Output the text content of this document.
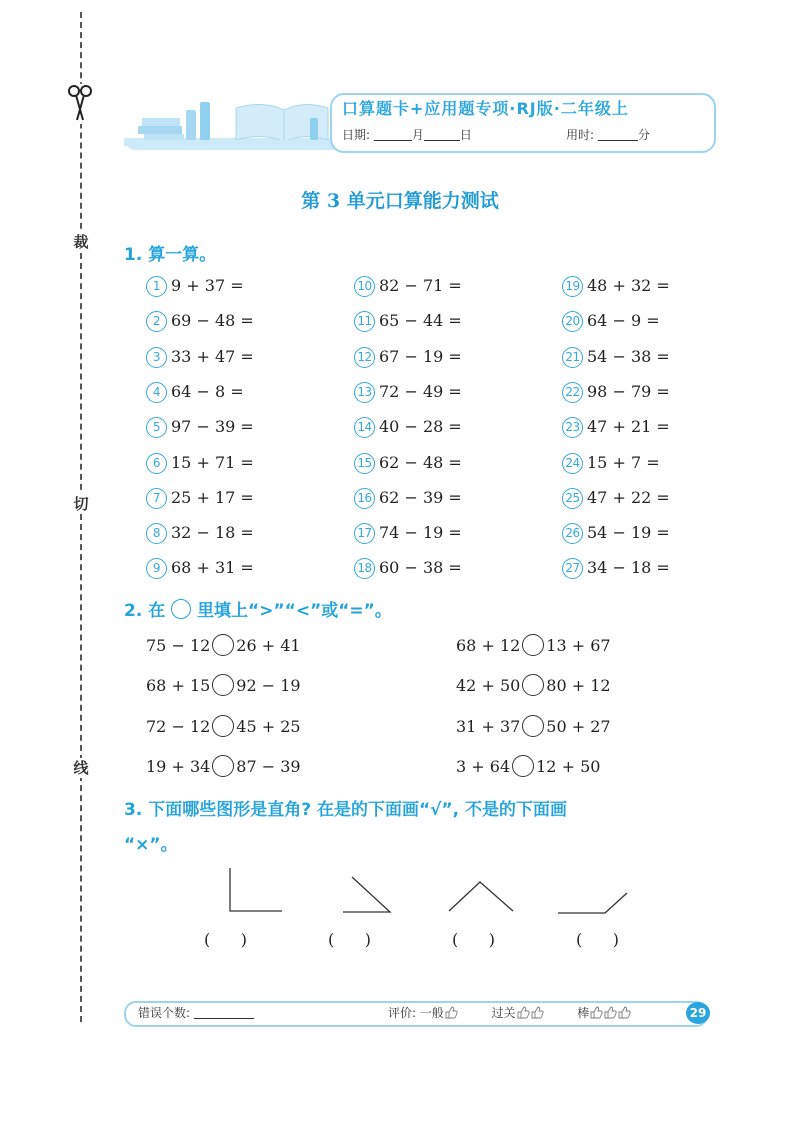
裁
切
线
口算题卡+应用题专项·RJ版·二年级上
日期:	月	日	用时:	分
第 3 单元口算能力测试
1. 算一算。
1 9 + 37 =
2 69 − 48 =
3 33 + 47 =
4 64 − 8 =
5 97 − 39 =
6 15 + 71 =
7 25 + 17 =
8 32 − 18 =
9 68 + 31 =
10 82 − 71 =
11 65 − 44 =
12 67 − 19 =
13 72 − 49 =
14 40 − 28 =
15 62 − 48 =
16 62 − 39 =
17 74 − 19 =
18 60 − 38 =
19 48 + 32 =
20 64 − 9 =
21 54 − 38 =
22 98 − 79 =
23 47 + 21 =
24 15 + 7 =
25 47 + 22 =
26 54 − 19 =
27 34 − 18 =
2. 在 里填上“>”“<”或“=”。
75 − 12 26 + 41	68 + 12 13 + 67
68 + 15 92 − 19	42 + 50 80 + 12
72 − 12 45 + 25	31 + 37 50 + 27
19 + 34 87 − 39	3 + 64 12 + 50
3. 下面哪些图形是直角? 在是的下面画“√”, 不是的下面画
“×”。
(      )	(      )	(      )	(      )
错误个数:	评价: 一般	过关	棒	29
